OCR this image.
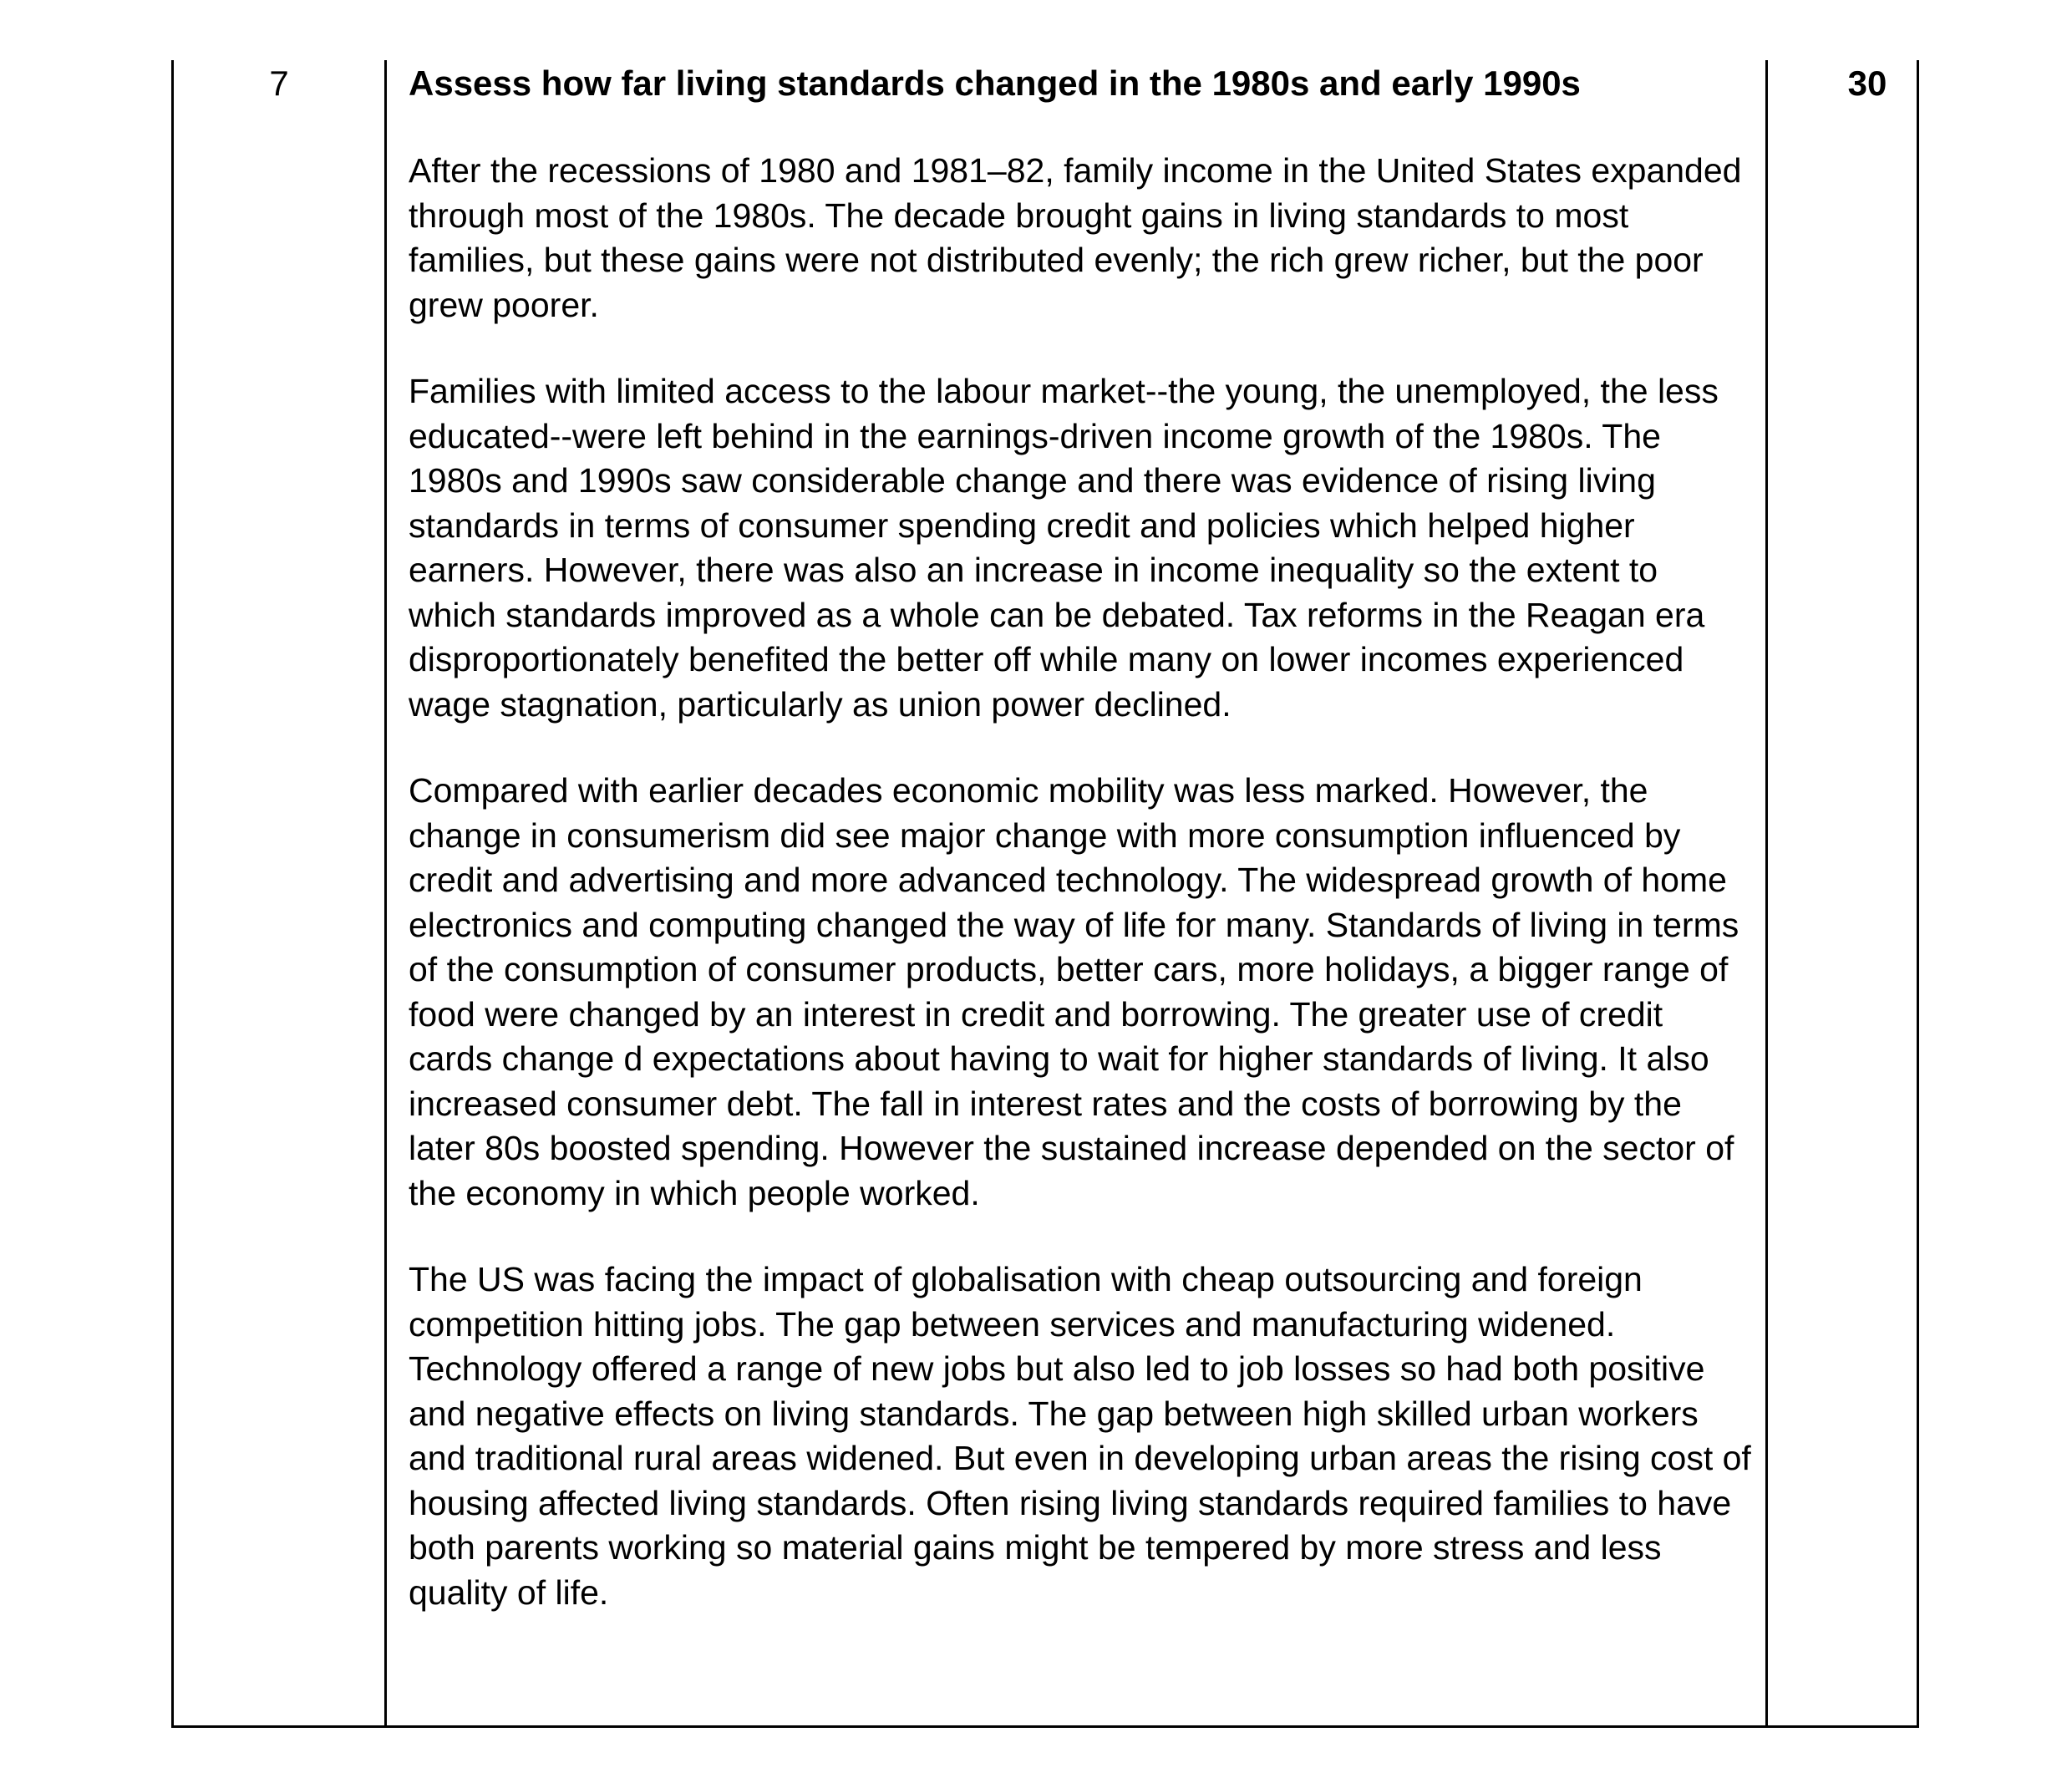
7	Assess how far living standards changed in the 1980s and early 1990s

After the recessions of 1980 and 1981–82, family income in the United States expanded through most of the 1980s. The decade brought gains in living standards to most families, but these gains were not distributed evenly; the rich grew richer, but the poor grew poorer.

Families with limited access to the labour market--the young, the unemployed, the less educated--were left behind in the earnings-driven income growth of the 1980s. The 1980s and 1990s saw considerable change and there was evidence of rising living standards in terms of consumer spending credit and policies which helped higher earners. However, there was also an increase in income inequality so the extent to which standards improved as a whole can be debated. Tax reforms in the Reagan era disproportionately benefited the better off while many on lower incomes experienced wage stagnation, particularly as union power declined.

Compared with earlier decades economic mobility was less marked. However, the change in consumerism did see major change with more consumption influenced by credit and advertising and more advanced technology. The widespread growth of home electronics and computing changed the way of life for many. Standards of living in terms of the consumption of consumer products, better cars, more holidays, a bigger range of food were changed by an interest in credit and borrowing. The greater use of credit cards change d expectations about having to wait for higher standards of living. It also increased consumer debt. The fall in interest rates and the costs of borrowing by the later 80s boosted spending. However the sustained increase depended on the sector of the economy in which people worked.

The US was facing the impact of globalisation with cheap outsourcing and foreign competition hitting jobs. The gap between services and manufacturing widened. Technology offered a range of new jobs but also led to job losses so had both positive and negative effects on living standards. The gap between high skilled urban workers and traditional rural areas widened. But even in developing urban areas the rising cost of housing affected living standards. Often rising living standards required families to have both parents working so material gains might be tempered by more stress and less quality of life.

30
